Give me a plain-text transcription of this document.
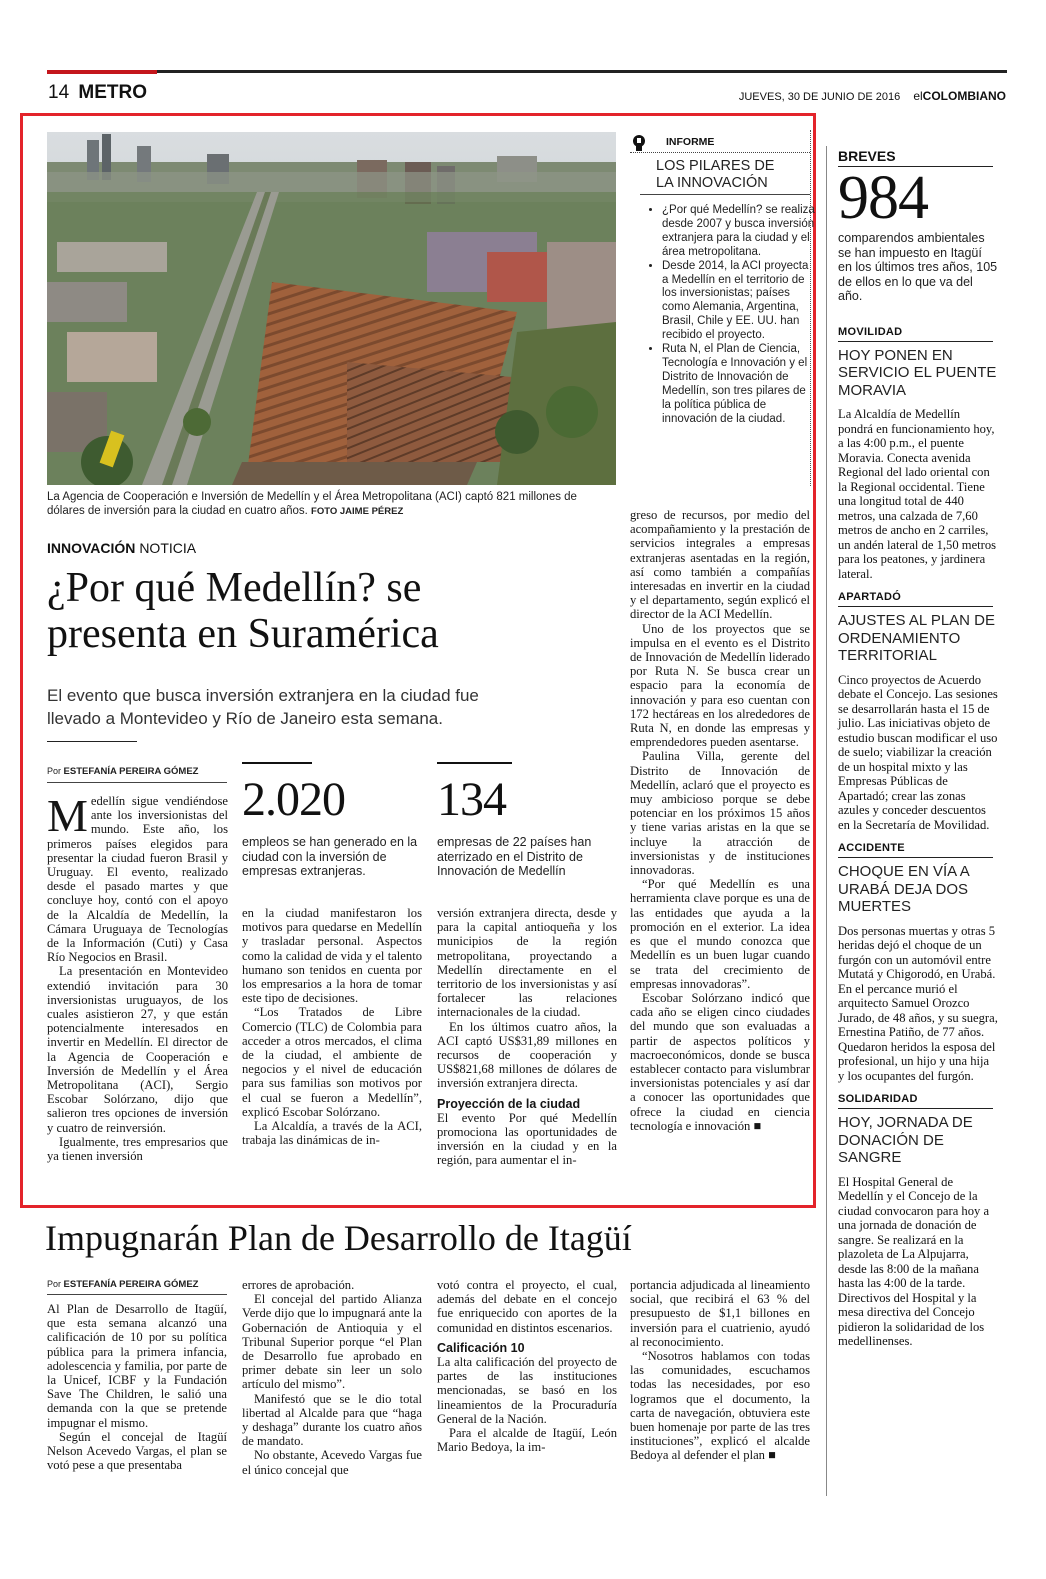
14 METRO	JUEVES, 30 DE JUNIO DE 2016 elCOLOMBIANO
La Agencia de Cooperación e Inversión de Medellín y el Área Metropolitana (ACI) captó 821 millones de dólares de inversión para la ciudad en cuatro años. FOTO JAIME PÉREZ
INFORME
LOS PILARES DE
LA INNOVACIÓN
• ¿Por qué Medellín? se realiza desde 2007 y busca inversión extranjera para la ciudad y el área metropolitana.
• Desde 2014, la ACI proyecta a Medellín en el territorio de los inversionistas; países como Alemania, Argentina, Brasil, Chile y EE. UU. han recibido el proyecto.
• Ruta N, el Plan de Ciencia, Tecnología e Innovación y el Distrito de Innovación de Medellín, son tres pilares de la política pública de innovación de la ciudad.
INNOVACIÓN NOTICIA
¿Por qué Medellín? se
presenta en Suramérica
El evento que busca inversión extranjera en la ciudad fue
llevado a Montevideo y Río de Janeiro esta semana.
Por ESTEFANÍA PEREIRA GÓMEZ
2.020
empleos se han generado en la ciudad con la inversión de empresas extranjeras.
134
empresas de 22 países han aterrizado en el Distrito de Innovación de Medellín
M edellín sigue vendiéndose ante los inversionistas del mundo. Este año, los primeros países elegidos para presentar la ciudad fueron Brasil y Uruguay. El evento, realizado desde el pasado martes y que concluye hoy, contó con el apoyo de la Alcaldía de Medellín, la Cámara Uruguaya de Tecnologías de la Información (Cuti) y Casa Río Negocios en Brasil.

La presentación en Montevideo extendió invitación para 30 inversionistas uruguayos, de los cuales asistieron 27, y que están potencialmente interesados en invertir en Medellín. El director de la Agencia de Cooperación e Inversión de Medellín y el Área Metropolitana (ACI), Sergio Escobar Solórzano, dijo que salieron tres opciones de inversión y cuatro de reinversión.

Igualmente, tres empresarios que ya tienen inversión

en la ciudad manifestaron los motivos para quedarse en Medellín y trasladar personal. Aspectos como la calidad de vida y el talento humano son tenidos en cuenta por los empresarios a la hora de tomar este tipo de decisiones.

“Los Tratados de Libre Comercio (TLC) de Colombia para acceder a otros mercados, el clima de la ciudad, el ambiente de negocios y el nivel de educación para sus familias son motivos por el cual se fueron a Medellín”, explicó Escobar Solórzano.

La Alcaldía, a través de la ACI, trabaja las dinámicas de in-

versión extranjera directa, desde y para la capital antioqueña y los municipios de la región metropolitana, proyectando a Medellín directamente en el territorio de los inversionistas y así fortalecer las relaciones internacionales de la ciudad.

En los últimos cuatro años, la ACI captó US$31,89 millones en recursos de cooperación y US$821,68 millones de dólares de inversión extranjera directa.

Proyección de la ciudad

El evento Por qué Medellín promociona las oportunidades de inversión en la ciudad y en la región, para aumentar el in-

greso de recursos, por medio del acompañamiento y la prestación de servicios integrales a empresas extranjeras asentadas en la región, así como también a compañías interesadas en invertir en la ciudad y el departamento, según explicó el director de la ACI Medellín.

Uno de los proyectos que se impulsa en el evento es el Distrito de Innovación de Medellín liderado por Ruta N. Se busca crear un espacio para la economía de innovación y para eso cuentan con 172 hectáreas en los alrededores de Ruta N, en donde las empresas y emprendedores pueden asentarse.

Paulina Villa, gerente del Distrito de Innovación de Medellín, aclaró que el proyecto es muy ambicioso porque se debe potenciar en los próximos 15 años y tiene varias aristas en la que se incluye la atracción de inversionistas y de instituciones innovadoras.

“Por qué Medellín es una herramienta clave porque es una de las entidades que ayuda a la promoción en el exterior. La idea es que el mundo conozca que Medellín es un buen lugar cuando se trata del crecimiento de empresas innovadoras”.

Escobar Solórzano indicó que cada año se eligen cinco ciudades del mundo que son evaluadas a partir de aspectos políticos y macroeconómicos, donde se busca establecer contacto para vislumbrar inversionistas potenciales y así dar a conocer las oportunidades que ofrece la ciudad en ciencia tecnología e innovación ■

BREVES
984
comparendos ambientales se han impuesto en Itagüí en los últimos tres años, 105 de ellos en lo que va del año.
MOVILIDAD
HOY PONEN EN SERVICIO EL PUENTE MORAVIA
La Alcaldía de Medellín pondrá en funcionamiento hoy, a las 4:00 p.m., el puente Moravia. Conecta avenida Regional del lado oriental con la Regional occidental. Tiene una longitud total de 440 metros, una calzada de 7,60 metros de ancho en 2 carriles, un andén lateral de 1,50 metros para los peatones, y jardinera lateral.
APARTADÓ
AJUSTES AL PLAN DE ORDENAMIENTO TERRITORIAL
Cinco proyectos de Acuerdo debate el Concejo. Las sesiones se desarrollarán hasta el 15 de julio. Las iniciativas objeto de estudio buscan modificar el uso de suelo; viabilizar la creación de un hospital mixto y las Empresas Públicas de Apartadó; crear las zonas azules y conceder descuentos en la Secretaría de Movilidad.
ACCIDENTE
CHOQUE EN VÍA A URABÁ DEJA DOS MUERTES
Dos personas muertas y otras 5 heridas dejó el choque de un furgón con un automóvil entre Mutatá y Chigorodó, en Urabá. En el percance murió el arquitecto Samuel Orozco Jurado, de 48 años, y su suegra, Ernestina Patiño, de 77 años. Quedaron heridos la esposa del profesional, un hijo y una hija y los ocupantes del furgón.
SOLIDARIDAD
HOY, JORNADA DE DONACIÓN DE SANGRE
El Hospital General de Medellín y el Concejo de la ciudad convocaron para hoy a una jornada de donación de sangre. Se realizará en la plazoleta de La Alpujarra, desde las 8:00 de la mañana hasta las 4:00 de la tarde. Directivos del Hospital y la mesa directiva del Concejo pidieron la solidaridad de los medellinenses.
Impugnarán Plan de Desarrollo de Itagüí
Por ESTEFANÍA PEREIRA GÓMEZ

Al Plan de Desarrollo de Itagüí, que esta semana alcanzó una calificación de 10 por su política pública para la primera infancia, adolescencia y familia, por parte de la Unicef, ICBF y la Fundación Save The Children, le salió una demanda con la que se pretende impugnar el mismo.

Según el concejal de Itagüí Nelson Acevedo Vargas, el plan se votó pese a que presentaba

errores de aprobación.

El concejal del partido Alianza Verde dijo que lo impugnará ante la Gobernación de Antioquia y el Tribunal Superior porque “el Plan de Desarrollo fue aprobado en primer debate sin leer un solo artículo del mismo”.

Manifestó que se le dio total libertad al Alcalde para que “haga y deshaga” durante los cuatro años de mandato.

No obstante, Acevedo Vargas fue el único concejal que

votó contra el proyecto, el cual, además del debate en el concejo fue enriquecido con aportes de la comunidad en distintos escenarios.

Calificación 10

La alta calificación del proyecto de partes de las instituciones mencionadas, se basó en los lineamientos de la Procuraduría General de la Nación.

Para el alcalde de Itagüí, León Mario Bedoya, la im-

portancia adjudicada al lineamiento social, que recibirá el 63 % del presupuesto de $1,1 billones en inversión para el cuatrienio, ayudó al reconocimiento.

“Nosotros hablamos con todas las comunidades, escuchamos todas las necesidades, por eso logramos que el documento, la carta de navegación, obtuviera este buen homenaje por parte de las tres instituciones”, explicó el alcalde Bedoya al defender el plan ■
